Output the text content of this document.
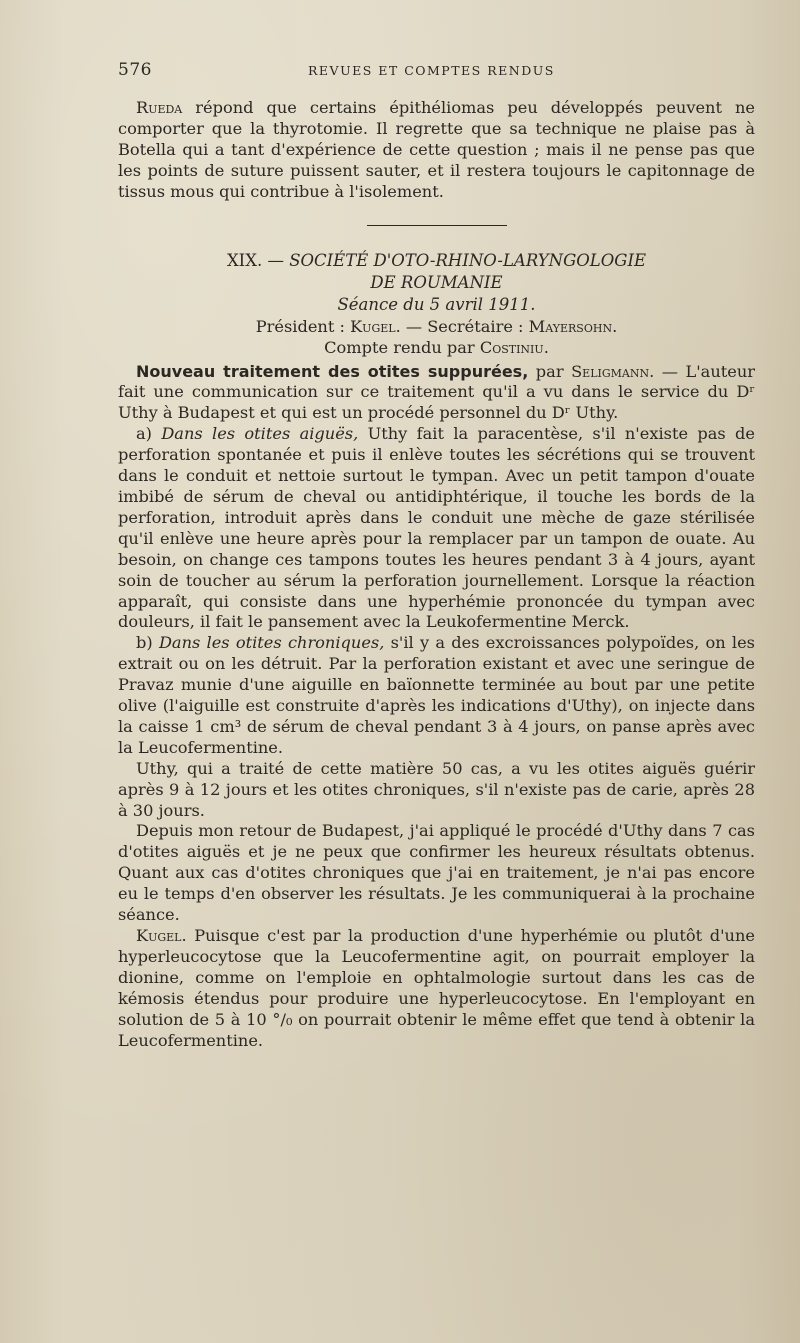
576	REVUES ET COMPTES RENDUS

Rueda répond que certains épithéliomas peu développés peuvent ne comporter que la thyrotomie. Il regrette que sa technique ne plaise pas à Botella qui a tant d'expérience de cette question ; mais il ne pense pas que les points de suture puissent sauter, et il restera toujours le capitonnage de tissus mous qui contribue à l'isolement.

XIX. — SOCIÉTÉ D'OTO-RHINO-LARYNGOLOGIE

DE ROUMANIE

Séance du 5 avril 1911.

Président : Kugel. — Secrétaire : Mayersohn.

Compte rendu par Costiniu.

Nouveau traitement des otites suppurées, par Seligmann. — L'auteur fait une communication sur ce traitement qu'il a vu dans le service du Dʳ Uthy à Budapest et qui est un procédé personnel du Dʳ Uthy.

a) Dans les otites aiguës, Uthy fait la paracentèse, s'il n'existe pas de perforation spontanée et puis il enlève toutes les sécrétions qui se trouvent dans le conduit et nettoie surtout le tympan. Avec un petit tampon d'ouate imbibé de sérum de cheval ou antidiphtérique, il touche les bords de la perforation, introduit après dans le conduit une mèche de gaze stérilisée qu'il enlève une heure après pour la remplacer par un tampon de ouate. Au besoin, on change ces tampons toutes les heures pendant 3 à 4 jours, ayant soin de toucher au sérum la perforation journellement. Lorsque la réaction apparaît, qui consiste dans une hyperhémie prononcée du tympan avec douleurs, il fait le pansement avec la Leukofermentine Merck.

b) Dans les otites chroniques, s'il y a des excroissances polypoïdes, on les extrait ou on les détruit. Par la perforation existant et avec une seringue de Pravaz munie d'une aiguille en baïonnette terminée au bout par une petite olive (l'aiguille est construite d'après les indications d'Uthy), on injecte dans la caisse 1 cm³ de sérum de cheval pendant 3 à 4 jours, on panse après avec la Leucofermentine.

Uthy, qui a traité de cette matière 50 cas, a vu les otites aiguës guérir après 9 à 12 jours et les otites chroniques, s'il n'existe pas de carie, après 28 à 30 jours.

Depuis mon retour de Budapest, j'ai appliqué le procédé d'Uthy dans 7 cas d'otites aiguës et je ne peux que confirmer les heureux résultats obtenus. Quant aux cas d'otites chroniques que j'ai en traitement, je n'ai pas encore eu le temps d'en observer les résultats. Je les communiquerai à la prochaine séance.

Kugel. Puisque c'est par la production d'une hyperhémie ou plutôt d'une hyperleucocytose que la Leucofermentine agit, on pourrait employer la dionine, comme on l'emploie en ophtalmologie surtout dans les cas de kémosis étendus pour produire une hyperleucocytose. En l'employant en solution de 5 à 10 °/₀ on pourrait obtenir le même effet que tend à obtenir la Leucofermentine.
